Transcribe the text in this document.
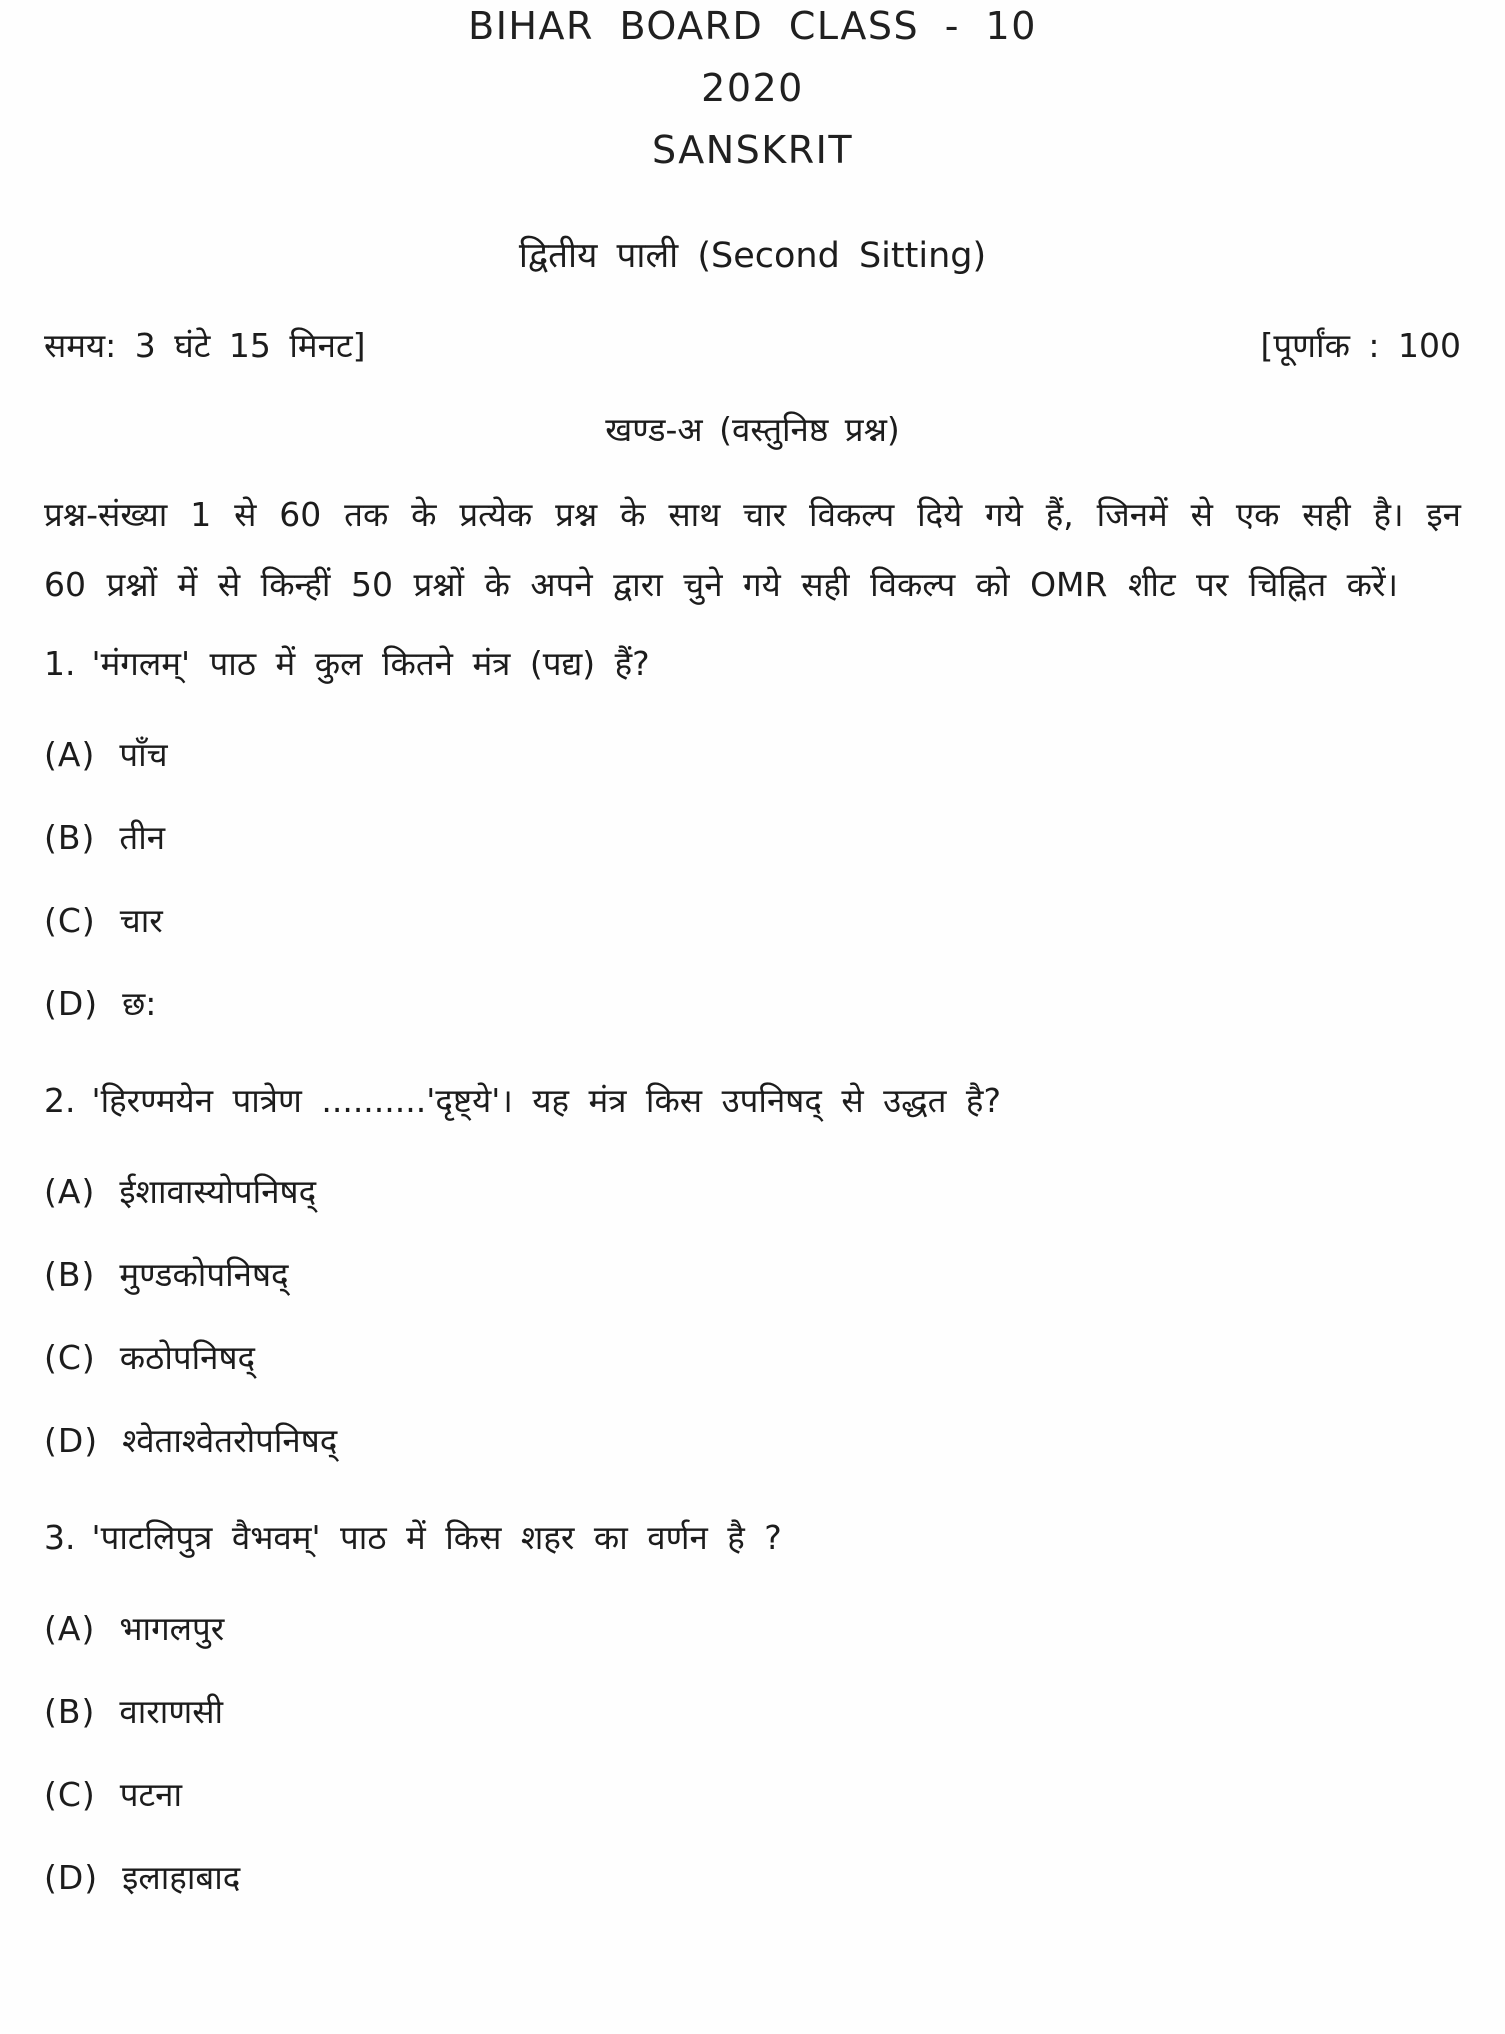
BIHAR BOARD CLASS - 10
2020
SANSKRIT
द्वितीय पाली (Second Sitting)
समय: 3 घंटे 15 मिनट]	[पूर्णांक : 100
खण्ड-अ (वस्तुनिष्ठ प्रश्न)

प्रश्न-संख्या 1 से 60 तक के प्रत्येक प्रश्न के साथ चार विकल्प दिये गये हैं, जिनमें से एक सही है। इन 60 प्रश्नों में से किन्हीं 50 प्रश्नों के अपने द्वारा चुने गये सही विकल्प को OMR शीट पर चिह्नित करें।

1. 'मंगलम्' पाठ में कुल कितने मंत्र (पद्य) हैं?
(A) पाँच
(B) तीन
(C) चार
(D) छ:
2. 'हिरण्मयेन पात्रेण ..........'दृष्ट्ये'। यह मंत्र किस उपनिषद् से उद्धत है?
(A) ईशावास्योपनिषद्
(B) मुण्डकोपनिषद्
(C) कठोपनिषद्
(D) श्वेताश्वेतरोपनिषद्
3. 'पाटलिपुत्र वैभवम्' पाठ में किस शहर का वर्णन है ?
(A) भागलपुर
(B) वाराणसी
(C) पटना
(D) इलाहाबाद
